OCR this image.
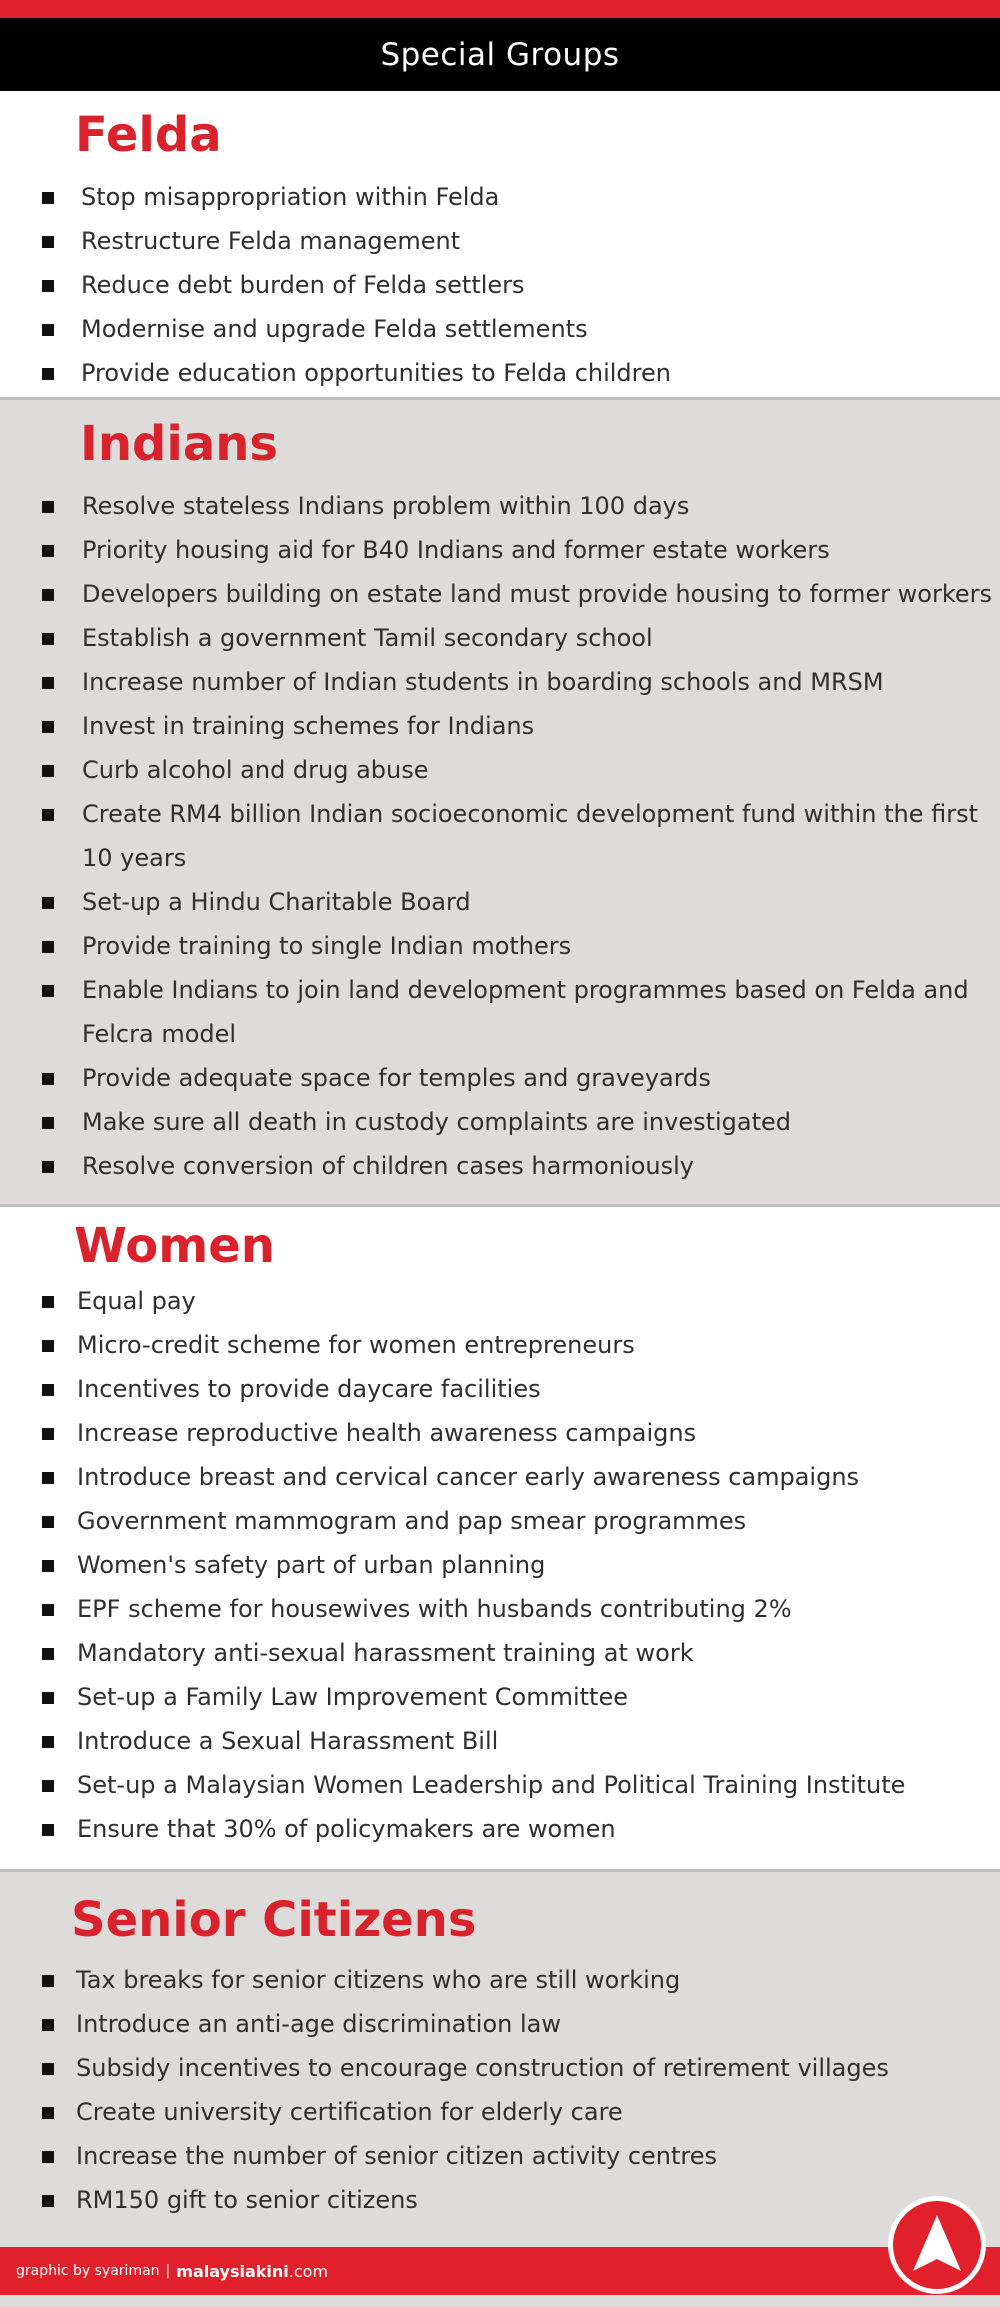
Special Groups
Felda
Stop misappropriation within Felda
Restructure Felda management
Reduce debt burden of Felda settlers
Modernise and upgrade Felda settlements
Provide education opportunities to Felda children
Indians
Resolve stateless Indians problem within 100 days
Priority housing aid for B40 Indians and former estate workers
Developers building on estate land must provide housing to former workers
Establish a government Tamil secondary school
Increase number of Indian students in boarding schools and MRSM
Invest in training schemes for Indians
Curb alcohol and drug abuse
Create RM4 billion Indian socioeconomic development fund within the first
10 years
Set-up a Hindu Charitable Board
Provide training to single Indian mothers
Enable Indians to join land development programmes based on Felda and
Felcra model
Provide adequate space for temples and graveyards
Make sure all death in custody complaints are investigated
Resolve conversion of children cases harmoniously
Women
Equal pay
Micro-credit scheme for women entrepreneurs
Incentives to provide daycare facilities
Increase reproductive health awareness campaigns
Introduce breast and cervical cancer early awareness campaigns
Government mammogram and pap smear programmes
Women's safety part of urban planning
EPF scheme for housewives with husbands contributing 2%
Mandatory anti-sexual harassment training at work
Set-up a Family Law Improvement Committee
Introduce a Sexual Harassment Bill
Set-up a Malaysian Women Leadership and Political Training Institute
Ensure that 30% of policymakers are women
Senior Citizens
Tax breaks for senior citizens who are still working
Introduce an anti-age discrimination law
Subsidy incentives to encourage construction of retirement villages
Create university certification for elderly care
Increase the number of senior citizen activity centres
RM150 gift to senior citizens
graphic by syariman | malaysiakini .com
